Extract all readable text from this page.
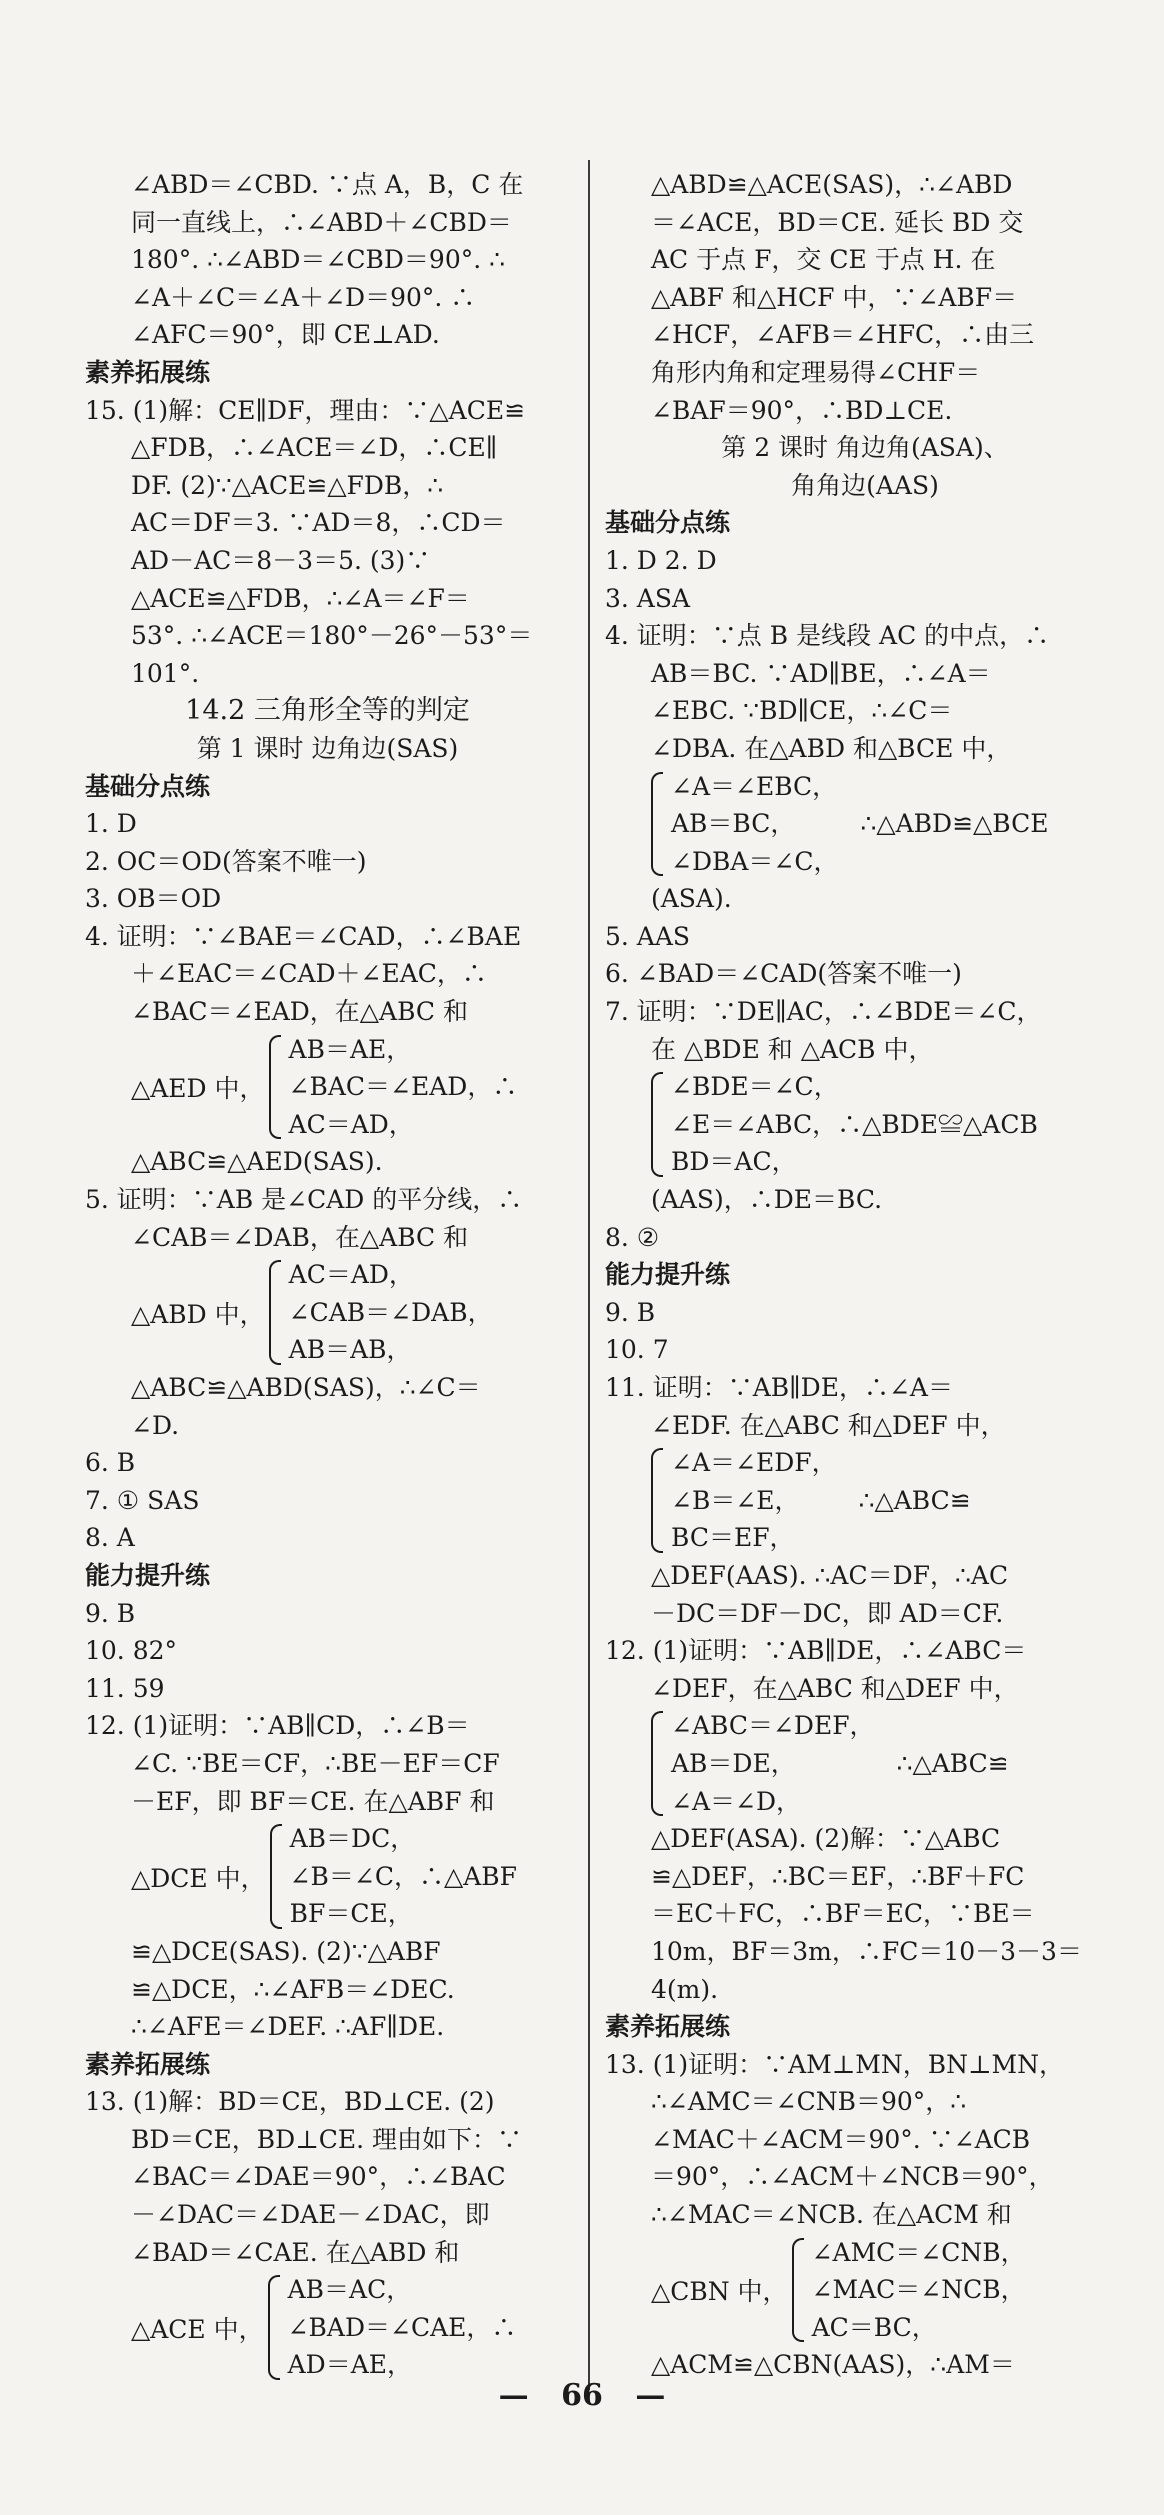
∠ABD＝∠CBD. ∵点 A，B，C 在
同一直线上，∴∠ABD＋∠CBD＝
180°. ∴∠ABD＝∠CBD＝90°. ∴
∠A＋∠C＝∠A＋∠D＝90°. ∴
∠AFC＝90°，即 CE⊥AD.
素养拓展练
15. (1)解：CE∥DF，理由：∵△ACE≌
△FDB，∴∠ACE＝∠D，∴CE∥
DF. (2)∵△ACE≌△FDB，∴
AC＝DF＝3. ∵AD＝8，∴CD＝
AD－AC＝8－3＝5. (3)∵
△ACE≌△FDB，∴∠A＝∠F＝
53°. ∴∠ACE＝180°－26°－53°＝
101°.
14.2 三角形全等的判定
第 1 课时 边角边(SAS)
基础分点练
1. D
2. OC＝OD(答案不唯一)
3. OB＝OD
4. 证明：∵∠BAE＝∠CAD，∴∠BAE
＋∠EAC＝∠CAD＋∠EAC，∴
∠BAC＝∠EAD，在△ABC 和
△AED 中，
AB＝AE，
∠BAC＝∠EAD，∴
AC＝AD，
△ABC≌△AED(SAS).
5. 证明：∵AB 是∠CAD 的平分线，∴
∠CAB＝∠DAB，在△ABC 和
△ABD 中，
AC＝AD，
∠CAB＝∠DAB，
AB＝AB，
△ABC≌△ABD(SAS)，∴∠C＝
∠D.
6. B
7. ① SAS
8. A
能力提升练
9. B
10. 82°
11. 59
12. (1)证明：∵AB∥CD，∴∠B＝
∠C. ∵BE＝CF，∴BE－EF＝CF
－EF，即 BF＝CE. 在△ABF 和
△DCE 中，
AB＝DC，
∠B＝∠C，∴△ABF
BF＝CE，
≌△DCE(SAS). (2)∵△ABF
≌△DCE，∴∠AFB＝∠DEC.
∴∠AFE＝∠DEF. ∴AF∥DE.
素养拓展练
13. (1)解：BD＝CE，BD⊥CE. (2)
BD＝CE，BD⊥CE. 理由如下：∵
∠BAC＝∠DAE＝90°，∴∠BAC
－∠DAC＝∠DAE－∠DAC，即
∠BAD＝∠CAE. 在△ABD 和
△ACE 中，
AB＝AC，
∠BAD＝∠CAE，∴
AD＝AE，
△ABD≌△ACE(SAS)，∴∠ABD
＝∠ACE，BD＝CE. 延长 BD 交
AC 于点 F，交 CE 于点 H. 在
△ABF 和△HCF 中，∵∠ABF＝
∠HCF，∠AFB＝∠HFC，∴由三
角形内角和定理易得∠CHF＝
∠BAF＝90°，∴BD⊥CE.
第 2 课时 角边角(ASA)、
角角边(AAS)
基础分点练
1. D 2. D
3. ASA
4. 证明：∵点 B 是线段 AC 的中点，∴
AB＝BC. ∵AD∥BE，∴∠A＝
∠EBC. ∵BD∥CE，∴∠C＝
∠DBA. 在△ABD 和△BCE 中，
∠A＝∠EBC，
AB＝BC，
∠DBA＝∠C，
∴△ABD≌△BCE
(ASA).
5. AAS
6. ∠BAD＝∠CAD(答案不唯一)
7. 证明：∵DE∥AC，∴∠BDE＝∠C，
在 △BDE 和 △ACB 中，
∠BDE＝∠C，
∠E＝∠ABC，∴△BDE≌△ACB
BD＝AC，
(AAS)，∴DE＝BC.
8. ②
能力提升练
9. B
10. 7
11. 证明：∵AB∥DE，∴∠A＝
∠EDF. 在△ABC 和△DEF 中，
∠A＝∠EDF，
∠B＝∠E，
BC＝EF，
∴△ABC≌
△DEF(AAS). ∴AC＝DF，∴AC
－DC＝DF－DC，即 AD＝CF.
12. (1)证明：∵AB∥DE，∴∠ABC＝
∠DEF，在△ABC 和△DEF 中，
∠ABC＝∠DEF，
AB＝DE，
∠A＝∠D，
∴△ABC≌
△DEF(ASA). (2)解：∵△ABC
≌△DEF，∴BC＝EF，∴BF＋FC
＝EC＋FC，∴BF＝EC，∵BE＝
10m，BF＝3m，∴FC＝10－3－3＝
4(m).
素养拓展练
13. (1)证明：∵AM⊥MN，BN⊥MN，
∴∠AMC＝∠CNB＝90°，∴
∠MAC＋∠ACM＝90°. ∵∠ACB
＝90°，∴∠ACM＋∠NCB＝90°，
∴∠MAC＝∠NCB. 在△ACM 和
△CBN 中，
∠AMC＝∠CNB，
∠MAC＝∠NCB，
AC＝BC，
△ACM≌△CBN(AAS)，∴AM＝
— 66 —
